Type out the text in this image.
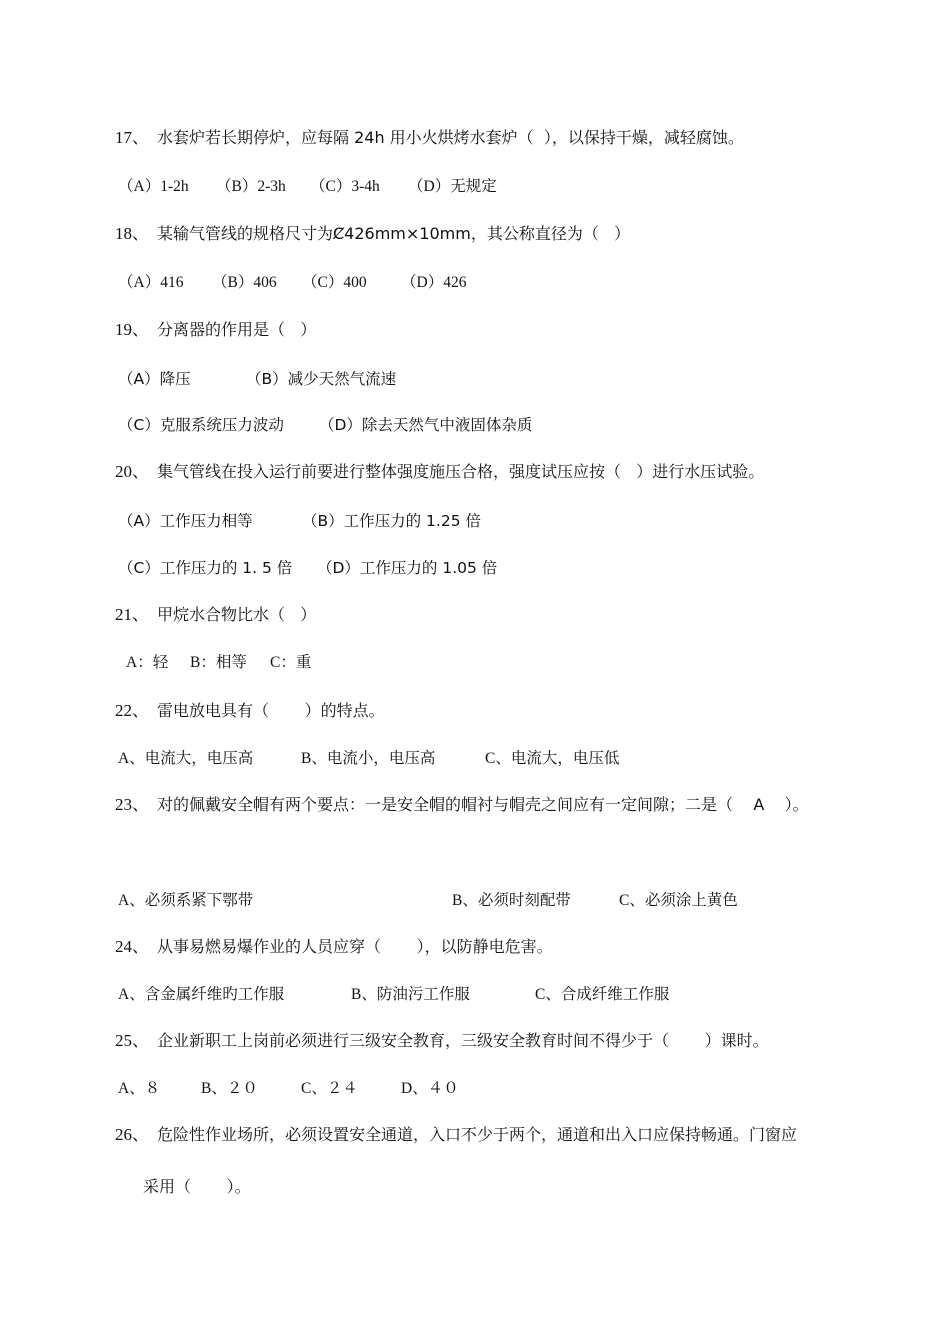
17、 水套炉若长期停炉，应每隔 24h 用小火烘烤水套炉（  ），以保持干燥，减轻腐蚀。
（A）1-2h （B）2-3h （C）3-4h （D）无规定
18、 某输气管线的规格尺寸为Ȼ426mm×10mm，其公称直径为（   ）
（A）416 （B）406 （C）400 （D）426
19、 分离器的作用是（   ）
（A）降压	（B）减少天然气流速
（C）克服系统压力波动 （D）除去天然气中液固体杂质
20、 集气管线在投入运行前要进行整体强度施压合格，强度试压应按（   ）进行水压试验。
（A）工作压力相等	（B）工作压力的 1.25 倍
（C）工作压力的 1. 5 倍 （D）工作压力的 1.05 倍
21、 甲烷水合物比水（   ）
A：轻 B：相等 C：重
22、 雷电放电具有（       ）的特点。
A、电流大，电压高	B、电流小，电压高	C、电流大，电压低
23、 对的佩戴安全帽有两个要点：一是安全帽的帽衬与帽壳之间应有一定间隙；二是（    A    ）。
A、必须系紧下鄂带	B、必须时刻配带	C、必须涂上黄色
24、 从事易燃易爆作业的人员应穿（       ），以防静电危害。
A、含金属纤维旳工作服	B、防油污工作服	C、合成纤维工作服
25、 企业新职工上岗前必须进行三级安全教育，三级安全教育时间不得少于（       ）课时。
A、８	B、２０	C、２４	D、４０
26、 危险性作业场所，必须设置安全通道，入口不少于两个，通道和出入口应保持畅通。门窗应
采用（       ）。
